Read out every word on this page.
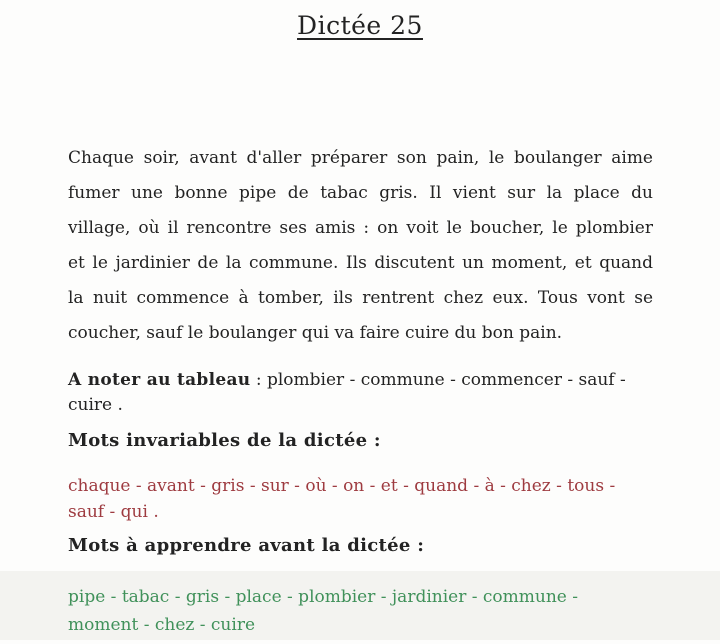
Dictée 25
Chaque soir, avant d'aller préparer son pain, le boulanger aime
fumer une bonne pipe de tabac gris. Il vient sur la place du
village, où il rencontre ses amis : on voit le boucher, le plombier
et le jardinier de la commune. Ils discutent un moment, et quand
la nuit commence à tomber, ils rentrent chez eux. Tous vont se
coucher, sauf le boulanger qui va faire cuire du bon pain.
A noter au tableau : plombier - commune - commencer - sauf -
cuire .
Mots invariables de la dictée :
chaque - avant - gris - sur - où - on - et - quand - à - chez - tous -
sauf - qui .
Mots à apprendre avant la dictée :
pipe - tabac - gris - place - plombier - jardinier - commune -
moment - chez - cuire
